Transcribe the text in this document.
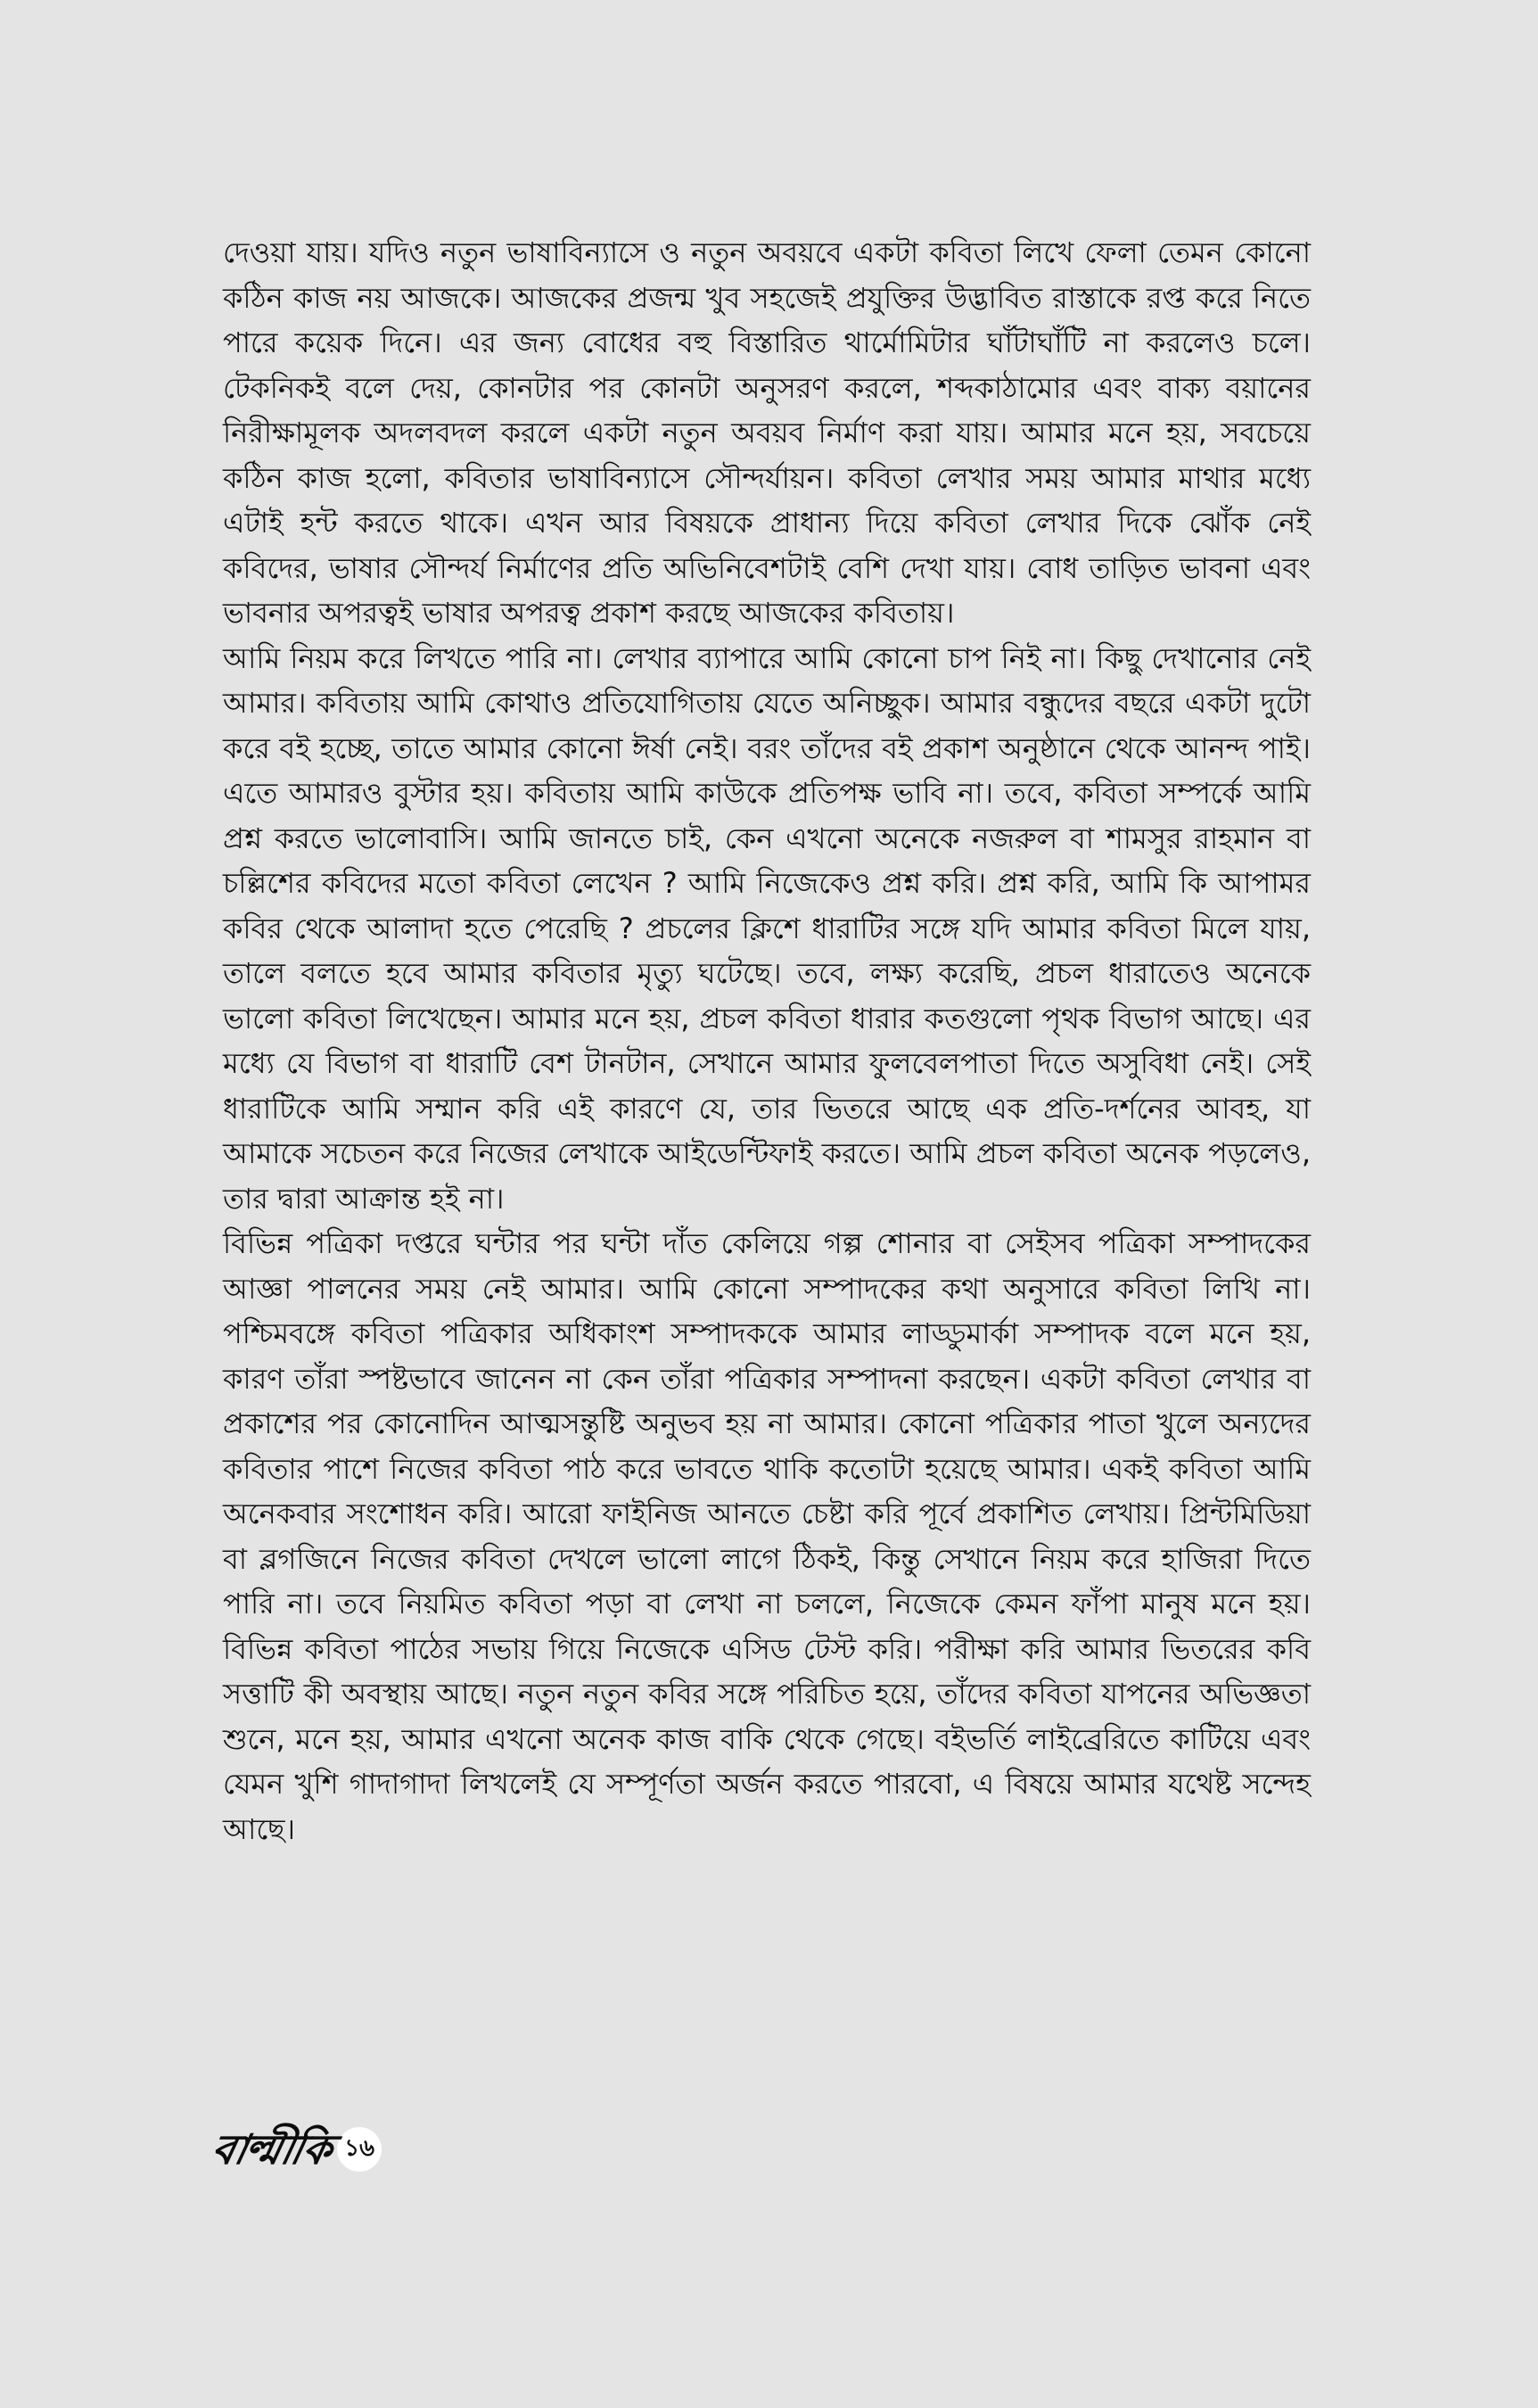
দেওয়া যায়। যদিও নতুন ভাষাবিন্যাসে ও নতুন অবয়বে একটা কবিতা লিখে ফেলা তেমন কোনো কঠিন কাজ নয় আজকে। আজকের প্রজন্ম খুব সহজেই প্রযুক্তির উদ্ভাবিত রাস্তাকে রপ্ত করে নিতে পারে কয়েক দিনে। এর জন্য বোধের বহু বিস্তারিত থার্মোমিটার ঘাঁটাঘাঁটি না করলেও চলে। টেকনিকই বলে দেয়, কোনটার পর কোনটা অনুসরণ করলে, শব্দকাঠামোর এবং বাক্য বয়ানের নিরীক্ষামূলক অদলবদল করলে একটা নতুন অবয়ব নির্মাণ করা যায়। আমার মনে হয়, সবচেয়ে কঠিন কাজ হলো, কবিতার ভাষাবিন্যাসে সৌন্দর্যায়ন। কবিতা লেখার সময় আমার মাথার মধ্যে এটাই হন্ট করতে থাকে। এখন আর বিষয়কে প্রাধান্য দিয়ে কবিতা লেখার দিকে ঝোঁক নেই কবিদের, ভাষার সৌন্দর্য নির্মাণের প্রতি অভিনিবেশটাই বেশি দেখা যায়। বোধ তাড়িত ভাবনা এবং ভাবনার অপরত্বই ভাষার অপরত্ব প্রকাশ করছে আজকের কবিতায়।

আমি নিয়ম করে লিখতে পারি না। লেখার ব্যাপারে আমি কোনো চাপ নিই না। কিছু দেখানোর নেই আমার। কবিতায় আমি কোথাও প্রতিযোগিতায় যেতে অনিচ্ছুক। আমার বন্ধুদের বছরে একটা দুটো করে বই হচ্ছে, তাতে আমার কোনো ঈর্ষা নেই। বরং তাঁদের বই প্রকাশ অনুষ্ঠানে থেকে আনন্দ পাই। এতে আমারও বুস্টার হয়। কবিতায় আমি কাউকে প্রতিপক্ষ ভাবি না। তবে, কবিতা সম্পর্কে আমি প্রশ্ন করতে ভালোবাসি। আমি জানতে চাই, কেন এখনো অনেকে নজরুল বা শামসুর রাহমান বা চল্লিশের কবিদের মতো কবিতা লেখেন ? আমি নিজেকেও প্রশ্ন করি। প্রশ্ন করি, আমি কি আপামর কবির থেকে আলাদা হতে পেরেছি ? প্রচলের ক্লিশে ধারাটির সঙ্গে যদি আমার কবিতা মিলে যায়, তালে বলতে হবে আমার কবিতার মৃত্যু ঘটেছে। তবে, লক্ষ্য করেছি, প্রচল ধারাতেও অনেকে ভালো কবিতা লিখেছেন। আমার মনে হয়, প্রচল কবিতা ধারার কতগুলো পৃথক বিভাগ আছে। এর মধ্যে যে বিভাগ বা ধারাটি বেশ টানটান, সেখানে আমার ফুলবেলপাতা দিতে অসুবিধা নেই। সেই ধারাটিকে আমি সম্মান করি এই কারণে যে, তার ভিতরে আছে এক প্রতি-দর্শনের আবহ, যা আমাকে সচেতন করে নিজের লেখাকে আইডেন্টিফাই করতে। আমি প্রচল কবিতা অনেক পড়লেও, তার দ্বারা আক্রান্ত হই না।

বিভিন্ন পত্রিকা দপ্তরে ঘন্টার পর ঘন্টা দাঁত কেলিয়ে গল্প শোনার বা সেইসব পত্রিকা সম্পাদকের আজ্ঞা পালনের সময় নেই আমার। আমি কোনো সম্পাদকের কথা অনুসারে কবিতা লিখি না। পশ্চিমবঙ্গে কবিতা পত্রিকার অধিকাংশ সম্পাদককে আমার লাড্ডুমার্কা সম্পাদক বলে মনে হয়, কারণ তাঁরা স্পষ্টভাবে জানেন না কেন তাঁরা পত্রিকার সম্পাদনা করছেন। একটা কবিতা লেখার বা প্রকাশের পর কোনোদিন আত্মসন্তুষ্টি অনুভব হয় না আমার। কোনো পত্রিকার পাতা খুলে অন্যদের কবিতার পাশে নিজের কবিতা পাঠ করে ভাবতে থাকি কতোটা হয়েছে আমার। একই কবিতা আমি অনেকবার সংশোধন করি। আরো ফাইনিজ আনতে চেষ্টা করি পূর্বে প্রকাশিত লেখায়। প্রিন্টমিডিয়া বা ব্লগজিনে নিজের কবিতা দেখলে ভালো লাগে ঠিকই, কিন্তু সেখানে নিয়ম করে হাজিরা দিতে পারি না। তবে নিয়মিত কবিতা পড়া বা লেখা না চললে, নিজেকে কেমন ফাঁপা মানুষ মনে হয়। বিভিন্ন কবিতা পাঠের সভায় গিয়ে নিজেকে এসিড টেস্ট করি। পরীক্ষা করি আমার ভিতরের কবি সত্তাটি কী অবস্থায় আছে। নতুন নতুন কবির সঙ্গে পরিচিত হয়ে, তাঁদের কবিতা যাপনের অভিজ্ঞতা শুনে, মনে হয়, আমার এখনো অনেক কাজ বাকি থেকে গেছে। বইভর্তি লাইব্রেরিতে কাটিয়ে এবং যেমন খুশি গাদাগাদা লিখলেই যে সম্পূর্ণতা অর্জন করতে পারবো, এ বিষয়ে আমার যথেষ্ট সন্দেহ আছে।

বাল্মীকি ১৬
